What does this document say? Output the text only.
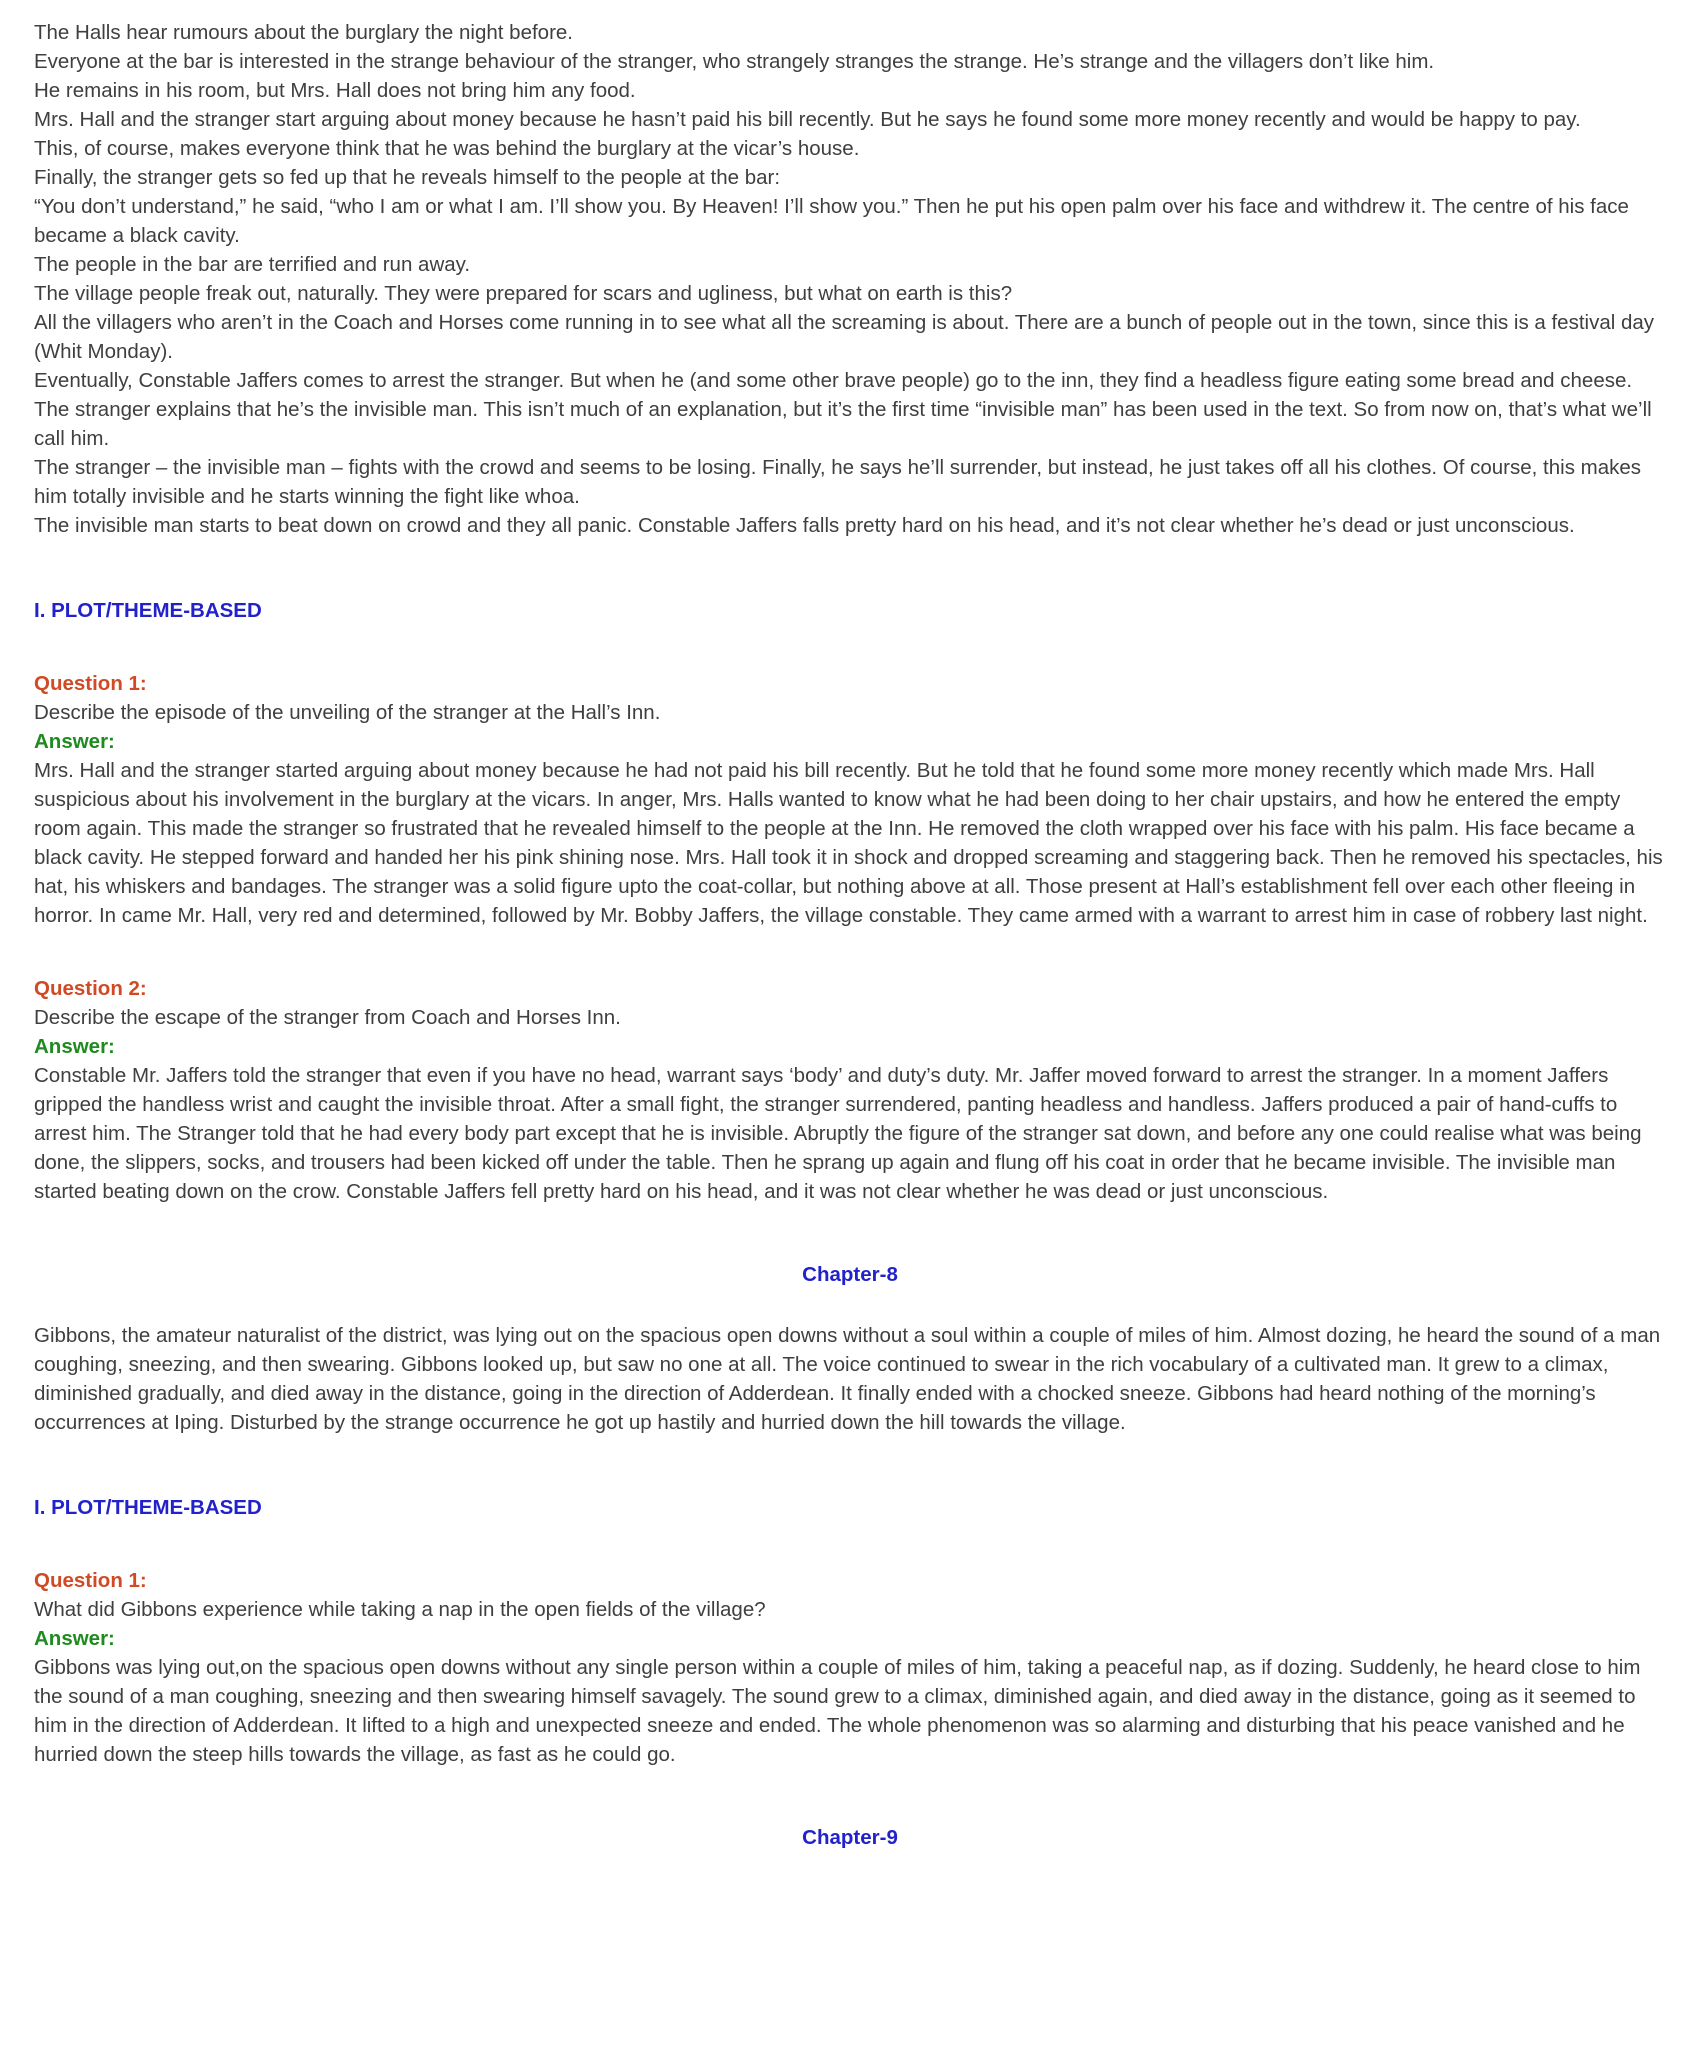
The Halls hear rumours about the burglary the night before.

Everyone at the bar is interested in the strange behaviour of the stranger, who strangely stranges the strange. He’s strange and the villagers don’t like him.

He remains in his room, but Mrs. Hall does not bring him any food.

Mrs. Hall and the stranger start arguing about money because he hasn’t paid his bill recently. But he says he found some more money recently and would be happy to pay.

This, of course, makes everyone think that he was behind the burglary at the vicar’s house.

Finally, the stranger gets so fed up that he reveals himself to the people at the bar:

“You don’t understand,” he said, “who I am or what I am. I’ll show you. By Heaven! I’ll show you.” Then he put his open palm over his face and withdrew it. The centre of his face became a black cavity.

The people in the bar are terrified and run away.

The village people freak out, naturally. They were prepared for scars and ugliness, but what on earth is this?

All the villagers who aren’t in the Coach and Horses come running in to see what all the screaming is about. There are a bunch of people out in the town, since this is a festival day (Whit Monday).

Eventually, Constable Jaffers comes to arrest the stranger. But when he (and some other brave people) go to the inn, they find a headless figure eating some bread and cheese.

The stranger explains that he’s the invisible man. This isn’t much of an explanation, but it’s the first time “invisible man” has been used in the text. So from now on, that’s what we’ll call him.

The stranger – the invisible man – fights with the crowd and seems to be losing. Finally, he says he’ll surrender, but instead, he just takes off all his clothes. Of course, this makes him totally invisible and he starts winning the fight like whoa.

The invisible man starts to beat down on crowd and they all panic. Constable Jaffers falls pretty hard on his head, and it’s not clear whether he’s dead or just unconscious.

I. PLOT/THEME-BASED

Question 1:

Describe the episode of the unveiling of the stranger at the Hall’s Inn.

Answer:

Mrs. Hall and the stranger started arguing about money because he had not paid his bill recently. But he told that he found some more money recently which made Mrs. Hall suspicious about his involvement in the burglary at the vicars. In anger, Mrs. Halls wanted to know what he had been doing to her chair upstairs, and how he entered the empty room again. This made the stranger so frustrated that he revealed himself to the people at the Inn. He removed the cloth wrapped over his face with his palm. His face became a black cavity. He stepped forward and handed her his pink shining nose. Mrs. Hall took it in shock and dropped screaming and staggering back. Then he removed his spectacles, his hat, his whiskers and bandages. The stranger was a solid figure upto the coat-collar, but nothing above at all. Those present at Hall’s establishment fell over each other fleeing in horror. In came Mr. Hall, very red and determined, followed by Mr. Bobby Jaffers, the village constable. They came armed with a warrant to arrest him in case of robbery last night.

Question 2:

Describe the escape of the stranger from Coach and Horses Inn.

Answer:

Constable Mr. Jaffers told the stranger that even if you have no head, warrant says ‘body’ and duty’s duty. Mr. Jaffer moved forward to arrest the stranger. In a moment Jaffers gripped the handless wrist and caught the invisible throat. After a small fight, the stranger surrendered, panting headless and handless. Jaffers produced a pair of hand-cuffs to arrest him. The Stranger told that he had every body part except that he is invisible. Abruptly the figure of the stranger sat down, and before any one could realise what was being done, the slippers, socks, and trousers had been kicked off under the table. Then he sprang up again and flung off his coat in order that he became invisible. The invisible man started beating down on the crow. Constable Jaffers fell pretty hard on his head, and it was not clear whether he was dead or just unconscious.

Chapter-8

Gibbons, the amateur naturalist of the district, was lying out on the spacious open downs without a soul within a couple of miles of him. Almost dozing, he heard the sound of a man coughing, sneezing, and then swearing. Gibbons looked up, but saw no one at all. The voice continued to swear in the rich vocabulary of a cultivated man. It grew to a climax, diminished gradually, and died away in the distance, going in the direction of Adderdean. It finally ended with a chocked sneeze. Gibbons had heard nothing of the morning’s occurrences at Iping. Disturbed by the strange occurrence he got up hastily and hurried down the hill towards the village.

I. PLOT/THEME-BASED

Question 1:

What did Gibbons experience while taking a nap in the open fields of the village?

Answer:

Gibbons was lying out,on the spacious open downs without any single person within a couple of miles of him, taking a peaceful nap, as if dozing. Suddenly, he heard close to him the sound of a man coughing, sneezing and then swearing himself savagely. The sound grew to a climax, diminished again, and died away in the distance, going as it seemed to him in the direction of Adderdean. It lifted to a high and unexpected sneeze and ended. The whole phenomenon was so alarming and disturbing that his peace vanished and he hurried down the steep hills towards the village, as fast as he could go.

Chapter-9
